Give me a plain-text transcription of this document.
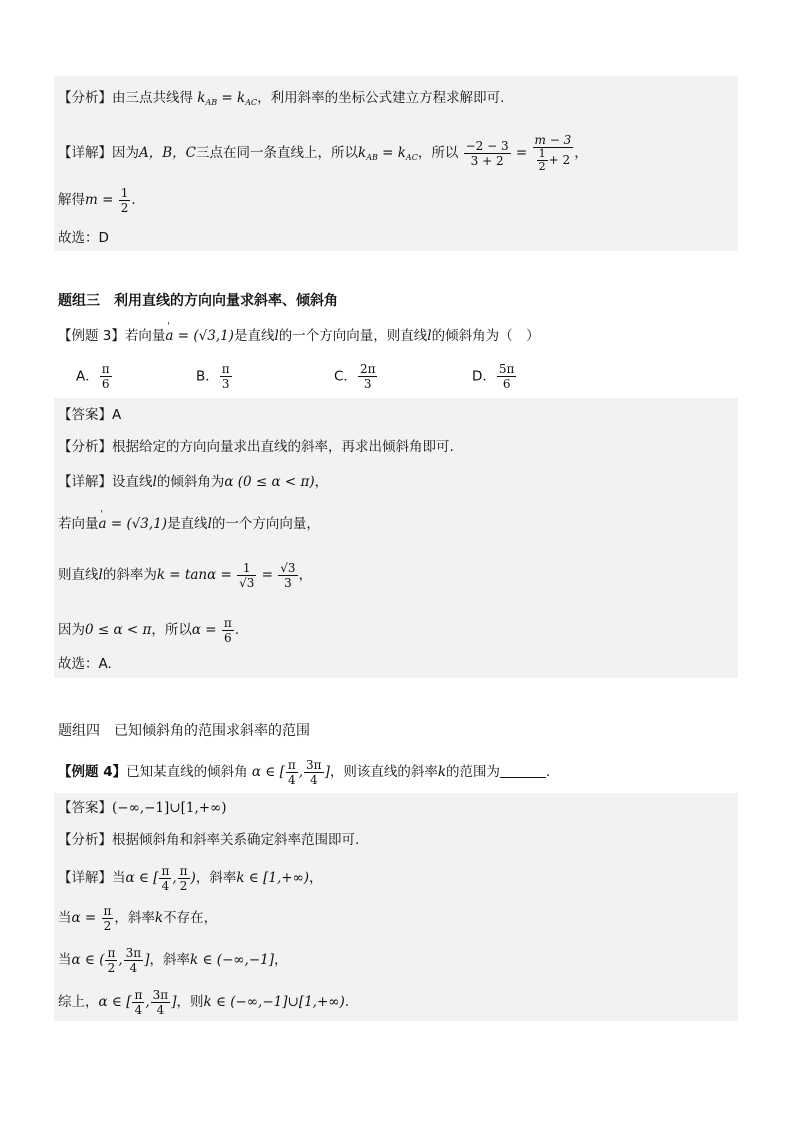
【分析】由三点共线得 $k_{AB} = k_{AC}$，利用斜率的坐标公式建立方程求解即可.
【详解】因为A，B，C三点在同一条直线上，所以$k_{AB} = k_{AC}$，所以 $\frac{-2 - 3}{3 + 2} = \frac{m - 3}{\frac{1}{2} + 2}$ ，
解得$m = \frac{1}{2}$ .
故选：D
题组三　利用直线的方向向量求斜率、倾斜角
【例题 3】若向量' a = (√3,1)是直线l的一个方向向量，则直线l的倾斜角为（　）
A． $\frac{\pi}{6}$	B． $\frac{\pi}{3}$	C． $\frac{2\pi}{3}$	D． $\frac{5\pi}{6}$
【答案】A
【分析】根据给定的方向向量求出直线的斜率，再求出倾斜角即可.
【详解】设直线l的倾斜角为α (0 ≤ α < π)，
若向量' a = (√3,1)是直线l的一个方向向量，
则直线l的斜率为$k = \tan\alpha = \frac{1}{√3} = \frac{√3}{3}$ ，
因为0 ≤ α < π，所以$\alpha = \frac{\pi}{6}$ .
故选：A.
题组四　已知倾斜角的范围求斜率的范围
【例题 4】已知某直线的倾斜角 α ∈ [ $\frac{\pi}{4}$ , $\frac{3\pi}{4}$ ]，则该直线的斜率k的范围为	.
【答案】(−∞,−1]∪[1,+∞)
【分析】根据倾斜角和斜率关系确定斜率范围即可.
【详解】当α ∈ [ $\frac{\pi}{4}$ , $\frac{\pi}{2}$ )，斜率k ∈ [1,+∞)，
当$\alpha = \frac{\pi}{2}$ ，斜率k不存在，
当α ∈ ( $\frac{\pi}{2}$ , $\frac{3\pi}{4}$ ]，斜率k ∈ (−∞,−1]，
综上，α ∈ [ $\frac{\pi}{4}$ , $\frac{3\pi}{4}$ ]，则k ∈ (−∞,−1]∪[1,+∞).
